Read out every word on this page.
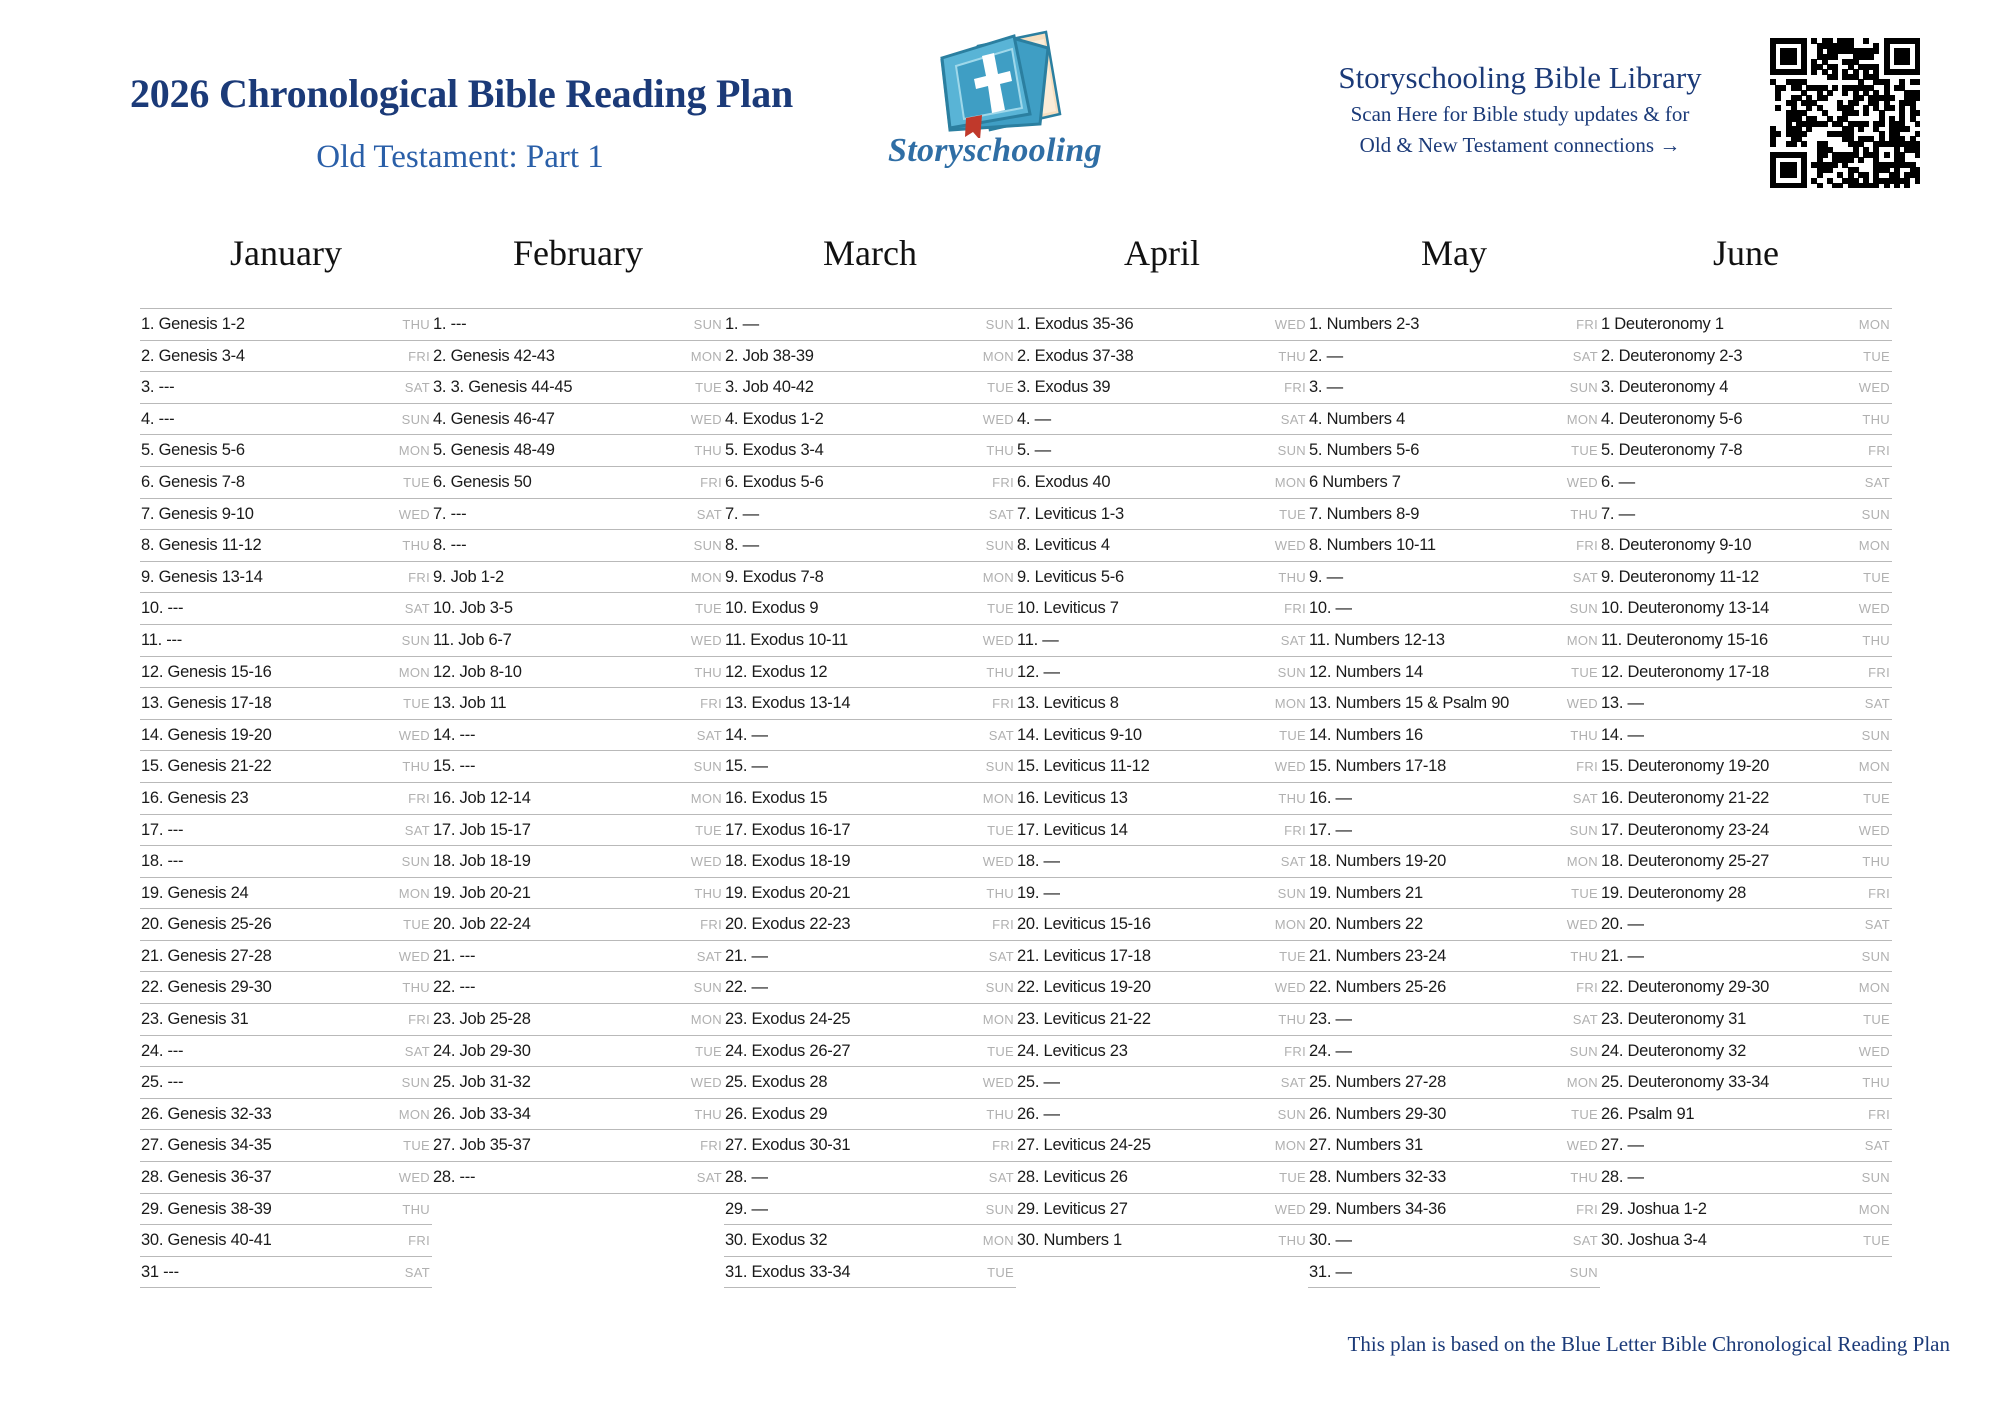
2026 Chronological Bible Reading Plan
Old Testament: Part 1	Storyschooling
Storyschooling Bible Library
Scan Here for Bible study updates & for
Old & New Testament connections →
January
1. Genesis 1-2	THU
2. Genesis 3-4	FRI
3. ---	SAT
4. ---	SUN
5. Genesis 5-6	MON
6. Genesis 7-8	TUE
7. Genesis 9-10	WED
8. Genesis 11-12	THU
9. Genesis 13-14	FRI
10. ---	SAT
11. ---	SUN
12. Genesis 15-16	MON
13. Genesis 17-18	TUE
14. Genesis 19-20	WED
15. Genesis 21-22	THU
16. Genesis 23	FRI
17. ---	SAT
18. ---	SUN
19. Genesis 24	MON
20. Genesis 25-26	TUE
21. Genesis 27-28	WED
22. Genesis 29-30	THU
23. Genesis 31	FRI
24. ---	SAT
25. ---	SUN
26. Genesis 32-33	MON
27. Genesis 34-35	TUE
28. Genesis 36-37	WED
29. Genesis 38-39	THU
30. Genesis 40-41	FRI
31 ---	SAT
February
1. ---	SUN
2. Genesis 42-43	MON
3. 3. Genesis 44-45	TUE
4. Genesis 46-47	WED
5. Genesis 48-49	THU
6. Genesis 50	FRI
7. ---	SAT
8. ---	SUN
9. Job 1-2	MON
10. Job 3-5	TUE
11. Job 6-7	WED
12. Job 8-10	THU
13. Job 11	FRI
14. ---	SAT
15. ---	SUN
16. Job 12-14	MON
17. Job 15-17	TUE
18. Job 18-19	WED
19. Job 20-21	THU
20. Job 22-24	FRI
21. ---	SAT
22. ---	SUN
23. Job 25-28	MON
24. Job 29-30	TUE
25. Job 31-32	WED
26. Job 33-34	THU
27. Job 35-37	FRI
28. ---	SAT
March
1. —	SUN
2. Job 38-39	MON
3. Job 40-42	TUE
4. Exodus 1-2	WED
5. Exodus 3-4	THU
6. Exodus 5-6	FRI
7. —	SAT
8. —	SUN
9. Exodus 7-8	MON
10. Exodus 9	TUE
11. Exodus 10-11	WED
12. Exodus 12	THU
13. Exodus 13-14	FRI
14. —	SAT
15. —	SUN
16. Exodus 15	MON
17. Exodus 16-17	TUE
18. Exodus 18-19	WED
19. Exodus 20-21	THU
20. Exodus 22-23	FRI
21. —	SAT
22. —	SUN
23. Exodus 24-25	MON
24. Exodus 26-27	TUE
25. Exodus 28	WED
26. Exodus 29	THU
27. Exodus 30-31	FRI
28. —	SAT
29. —	SUN
30. Exodus 32	MON
31. Exodus 33-34	TUE
April
1. Exodus 35-36	WED
2. Exodus 37-38	THU
3. Exodus 39	FRI
4. —	SAT
5. —	SUN
6. Exodus 40	MON
7. Leviticus 1-3	TUE
8. Leviticus 4	WED
9. Leviticus 5-6	THU
10. Leviticus 7	FRI
11. —	SAT
12. —	SUN
13. Leviticus 8	MON
14. Leviticus 9-10	TUE
15. Leviticus 11-12	WED
16. Leviticus 13	THU
17. Leviticus 14	FRI
18. —	SAT
19. —	SUN
20. Leviticus 15-16	MON
21. Leviticus 17-18	TUE
22. Leviticus 19-20	WED
23. Leviticus 21-22	THU
24. Leviticus 23	FRI
25. —	SAT
26. —	SUN
27. Leviticus 24-25	MON
28. Leviticus 26	TUE
29. Leviticus 27	WED
30. Numbers 1	THU
May
1. Numbers 2-3	FRI
2. —	SAT
3. —	SUN
4. Numbers 4	MON
5. Numbers 5-6	TUE
6 Numbers 7	WED
7. Numbers 8-9	THU
8. Numbers 10-11	FRI
9. —	SAT
10. —	SUN
11. Numbers 12-13	MON
12. Numbers 14	TUE
13. Numbers 15 & Psalm 90	WED
14. Numbers 16	THU
15. Numbers 17-18	FRI
16. —	SAT
17. —	SUN
18. Numbers 19-20	MON
19. Numbers 21	TUE
20. Numbers 22	WED
21. Numbers 23-24	THU
22. Numbers 25-26	FRI
23. —	SAT
24. —	SUN
25. Numbers 27-28	MON
26. Numbers 29-30	TUE
27. Numbers 31	WED
28. Numbers 32-33	THU
29. Numbers 34-36	FRI
30. —	SAT
31. —	SUN
June
1 Deuteronomy 1	MON
2. Deuteronomy 2-3	TUE
3. Deuteronomy 4	WED
4. Deuteronomy 5-6	THU
5. Deuteronomy 7-8	FRI
6. —	SAT
7. —	SUN
8. Deuteronomy 9-10	MON
9. Deuteronomy 11-12	TUE
10. Deuteronomy 13-14	WED
11. Deuteronomy 15-16	THU
12. Deuteronomy 17-18	FRI
13. —	SAT
14. —	SUN
15. Deuteronomy 19-20	MON
16. Deuteronomy 21-22	TUE
17. Deuteronomy 23-24	WED
18. Deuteronomy 25-27	THU
19. Deuteronomy 28	FRI
20. —	SAT
21. —	SUN
22. Deuteronomy 29-30	MON
23. Deuteronomy 31	TUE
24. Deuteronomy 32	WED
25. Deuteronomy 33-34	THU
26. Psalm 91	FRI
27. —	SAT
28. —	SUN
29. Joshua 1-2	MON
30. Joshua 3-4	TUE
This plan is based on the Blue Letter Bible Chronological Reading Plan
